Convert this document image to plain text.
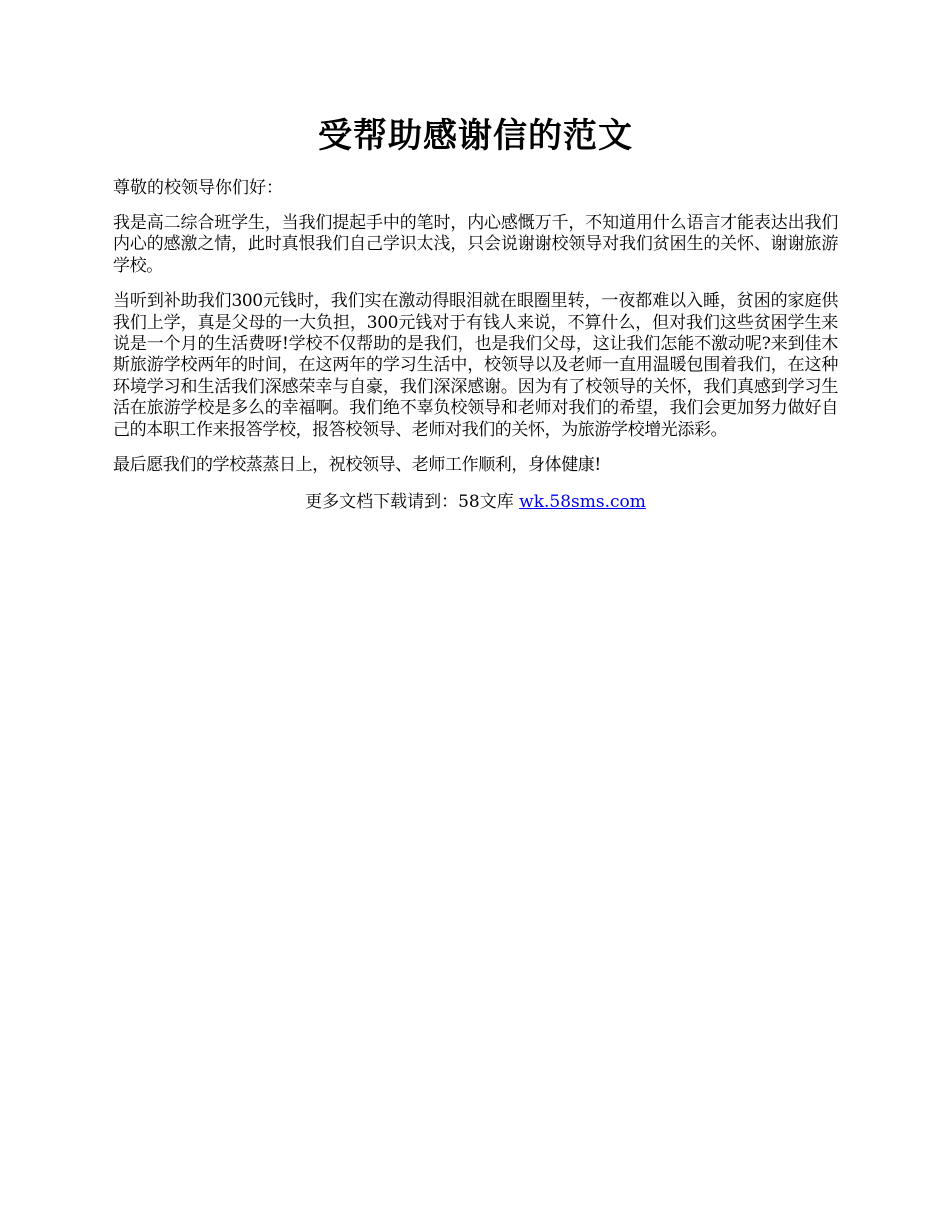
受帮助感谢信的范文

尊敬的校领导你们好：

我是高二综合班学生，当我们提起手中的笔时，内心感慨万千，不知道用什么语言才能表达出我们内心的感激之情，此时真恨我们自己学识太浅，只会说谢谢校领导对我们贫困生的关怀、谢谢旅游学校。

当听到补助我们300元钱时，我们实在激动得眼泪就在眼圈里转，一夜都难以入睡，贫困的家庭供我们上学，真是父母的一大负担，300元钱对于有钱人来说，不算什么，但对我们这些贫困学生来说是一个月的生活费呀!学校不仅帮助的是我们，也是我们父母，这让我们怎能不激动呢?来到佳木斯旅游学校两年的时间，在这两年的学习生活中，校领导以及老师一直用温暖包围着我们，在这种环境学习和生活我们深感荣幸与自豪，我们深深感谢。因为有了校领导的关怀，我们真感到学习生活在旅游学校是多么的幸福啊。我们绝不辜负校领导和老师对我们的希望，我们会更加努力做好自己的本职工作来报答学校，报答校领导、老师对我们的关怀，为旅游学校增光添彩。

最后愿我们的学校蒸蒸日上，祝校领导、老师工作顺利，身体健康!

更多文档下载请到：58文库 wk.58sms.com
